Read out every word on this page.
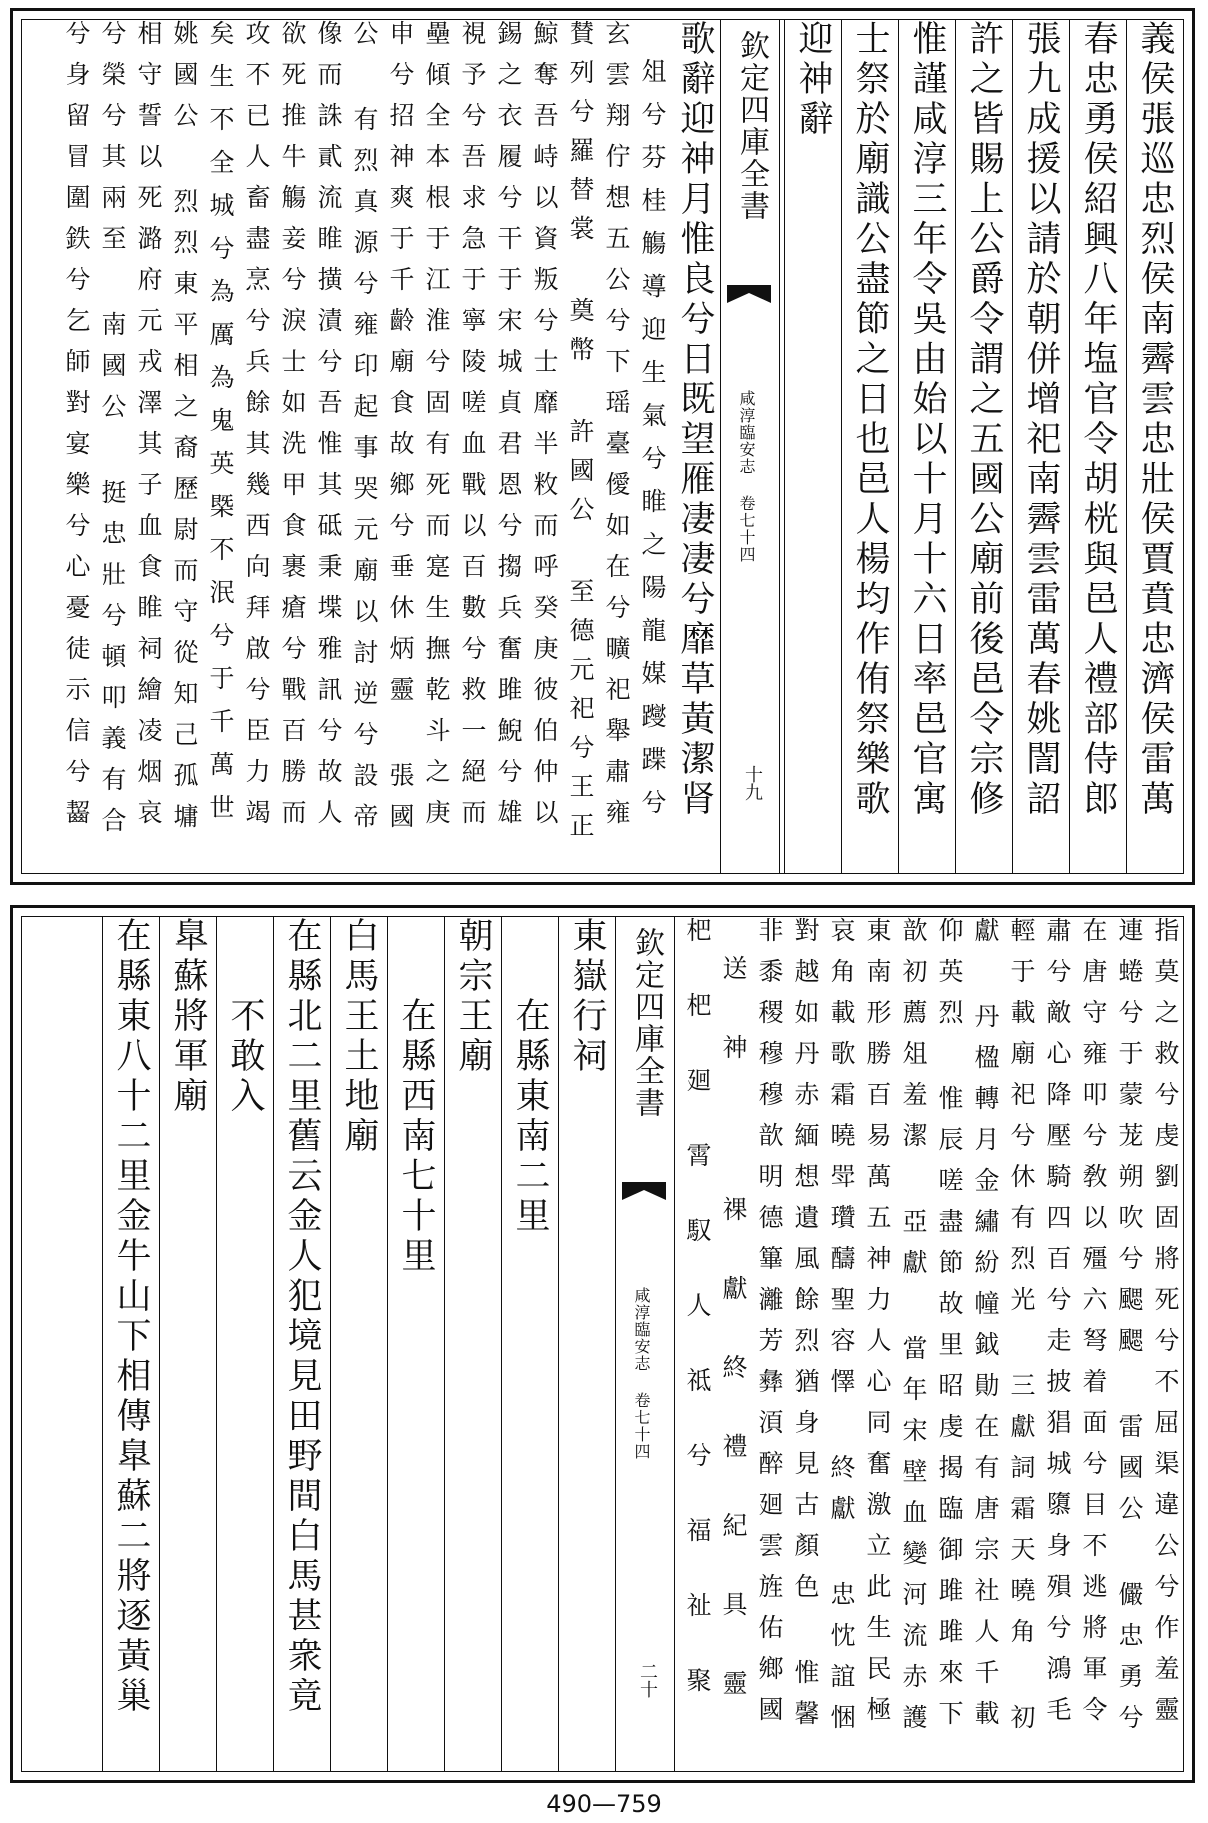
義侯張巡忠烈侯南霽雲忠壯侯賈賁忠濟侯雷萬
春忠勇侯紹興八年塩官令胡桄與邑人禮部侍郎
張九成援以請於朝併增祀南霽雲雷萬春姚誾詔
許之皆賜上公爵令謂之五國公廟前後邑令宗修
惟謹咸淳三年令吳由始以十月十六日率邑官寓
士祭於廟識公盡節之日也邑人楊均作侑祭樂歌
迎神辭
欽定四庫全書
咸淳臨安志 卷七十四
十九
歌辭迎神月惟良兮日既望雁凄凄兮靡草黃潔肾
俎兮芬桂觴導迎生氣兮睢之陽龍媒躞蹀兮
玄雲翔佇想五公兮下瑶臺僾如在兮曠祀舉肅雍
賛列兮羅替裳 奠幣 許國公 至德元祀兮王正
鯨奪吾峙以資叛兮士靡半敉而呼癸庚彼伯仲以
錫之衣履兮干于宋城貞君恩兮搊兵奮雎鯢兮雄
視予兮吾求急于寧陵嗟血戰以百數兮救一絕而
壘傾全本根于江淮兮固有死而寔生撫乾斗之庚
申兮招神爽于千齡廟食故鄉兮垂休炳靈 張國
公 有烈真源兮雍印起事哭元廟以討逆兮設帝
像而誅貳流睢撗漬兮吾惟其砥秉堞雅訊兮故人
欲死推牛觴妾兮淚士如洗甲食裹瘡兮戰百勝而
攻不已人畜盡烹兮兵餘其幾西向拜啟兮臣力竭
矣生不全城兮為厲為鬼英槩不泯兮于千萬世
姚國公 烈烈東平相之裔歷尉而守從知己孤墉
相守誓以死潞府元戎澤其子血食睢祠繪凌烟哀
兮榮兮其兩至 南國公 挺忠壯兮頓叩義有合
兮身留冒圍鉄兮乞師對宴樂兮心憂徒示信兮齧
指莫之救兮虔劉固將死兮不屈渠違公兮作羞靈
連蜷兮于蒙茏朔吹兮颸颸 雷國公 儼忠勇兮
在唐守雍叩兮敎以殭六弩着面兮目不逃將軍令
肅兮敵心降壓騎四百兮走披猖城隳身殞兮鴻毛
輕于載廟祀兮休有烈光 三獻詞霜天曉角 初
獻 丹楹轉月金繡紛幢鉞勛在有唐宗社人千載
仰英烈 惟辰嗟盡節故里昭虔揭臨御雎雎來下
歆初薦俎羞潔 亞獻 當年宋壁血變河流赤護
東南形勝百易萬五神力人心同奮激立此生民極
哀角載歌霜曉斝瓚醻聖容懌 終獻 忠忱誼悃
對越如丹赤緬想遺風餘烈猶身見古顏色 惟馨
非黍稷穆穆歆明德篳灕芳彝湏醉廻雲旌佑鄉國
送神 祼獻終禮紀具靈
杷杷廻霄馭人祗兮福祉聚
欽定四庫全書
咸淳臨安志 卷七十四
二十
東嶽行祠
在縣東南二里
朝宗王廟
在縣西南七十里
白馬王土地廟
在縣北二里舊云金人犯境見田野間白馬甚衆竟
不敢入
臯蘇將軍廟
在縣東八十二里金牛山下相傳臯蘇二將逐黃巢
490—759
